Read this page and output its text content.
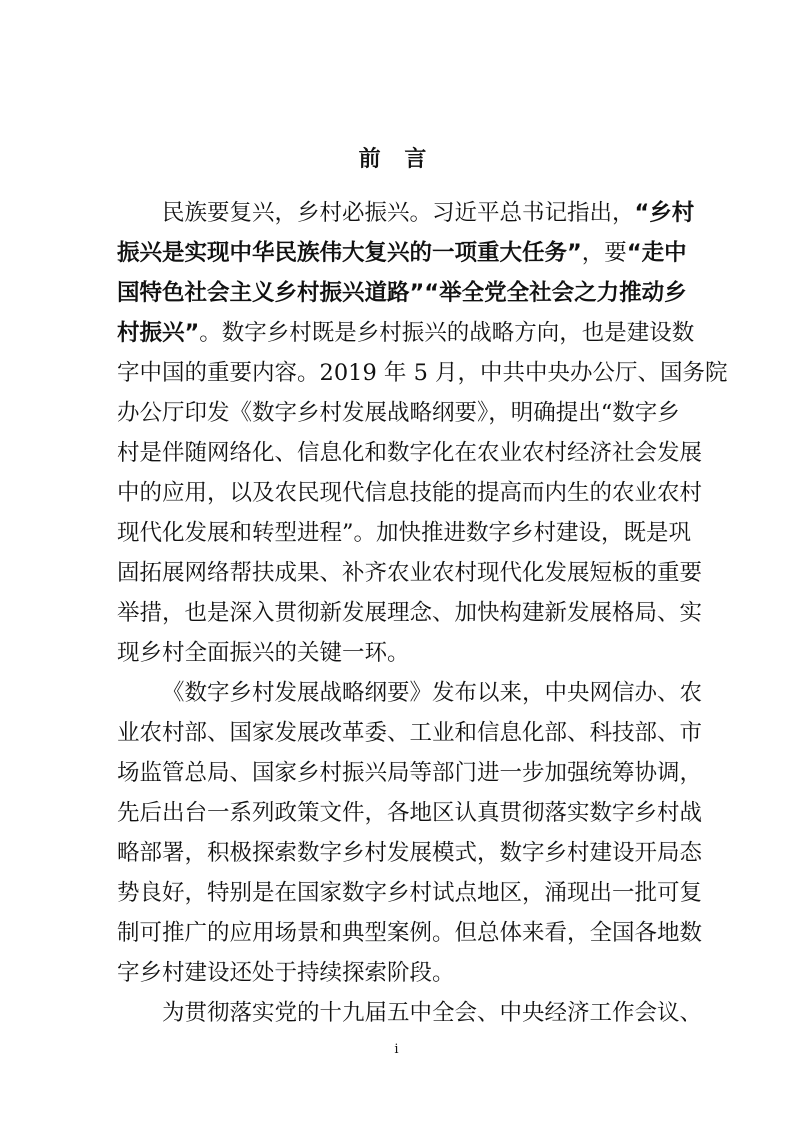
前 言
民族要复兴，乡村必振兴。习近平总书记指出，“乡村
振兴是实现中华民族伟大复兴的一项重大任务”，要“走中
国特色社会主义乡村振兴道路”“举全党全社会之力推动乡
村振兴”。数字乡村既是乡村振兴的战略方向，也是建设数
字中国的重要内容。2019 年 5 月，中共中央办公厅、国务院
办公厅印发《数字乡村发展战略纲要》，明确提出“数字乡
村是伴随网络化、信息化和数字化在农业农村经济社会发展
中的应用，以及农民现代信息技能的提高而内生的农业农村
现代化发展和转型进程”。加快推进数字乡村建设，既是巩
固拓展网络帮扶成果、补齐农业农村现代化发展短板的重要
举措，也是深入贯彻新发展理念、加快构建新发展格局、实
现乡村全面振兴的关键一环。
《数字乡村发展战略纲要》发布以来，中央网信办、农
业农村部、国家发展改革委、工业和信息化部、科技部、市
场监管总局、国家乡村振兴局等部门进一步加强统筹协调，
先后出台一系列政策文件，各地区认真贯彻落实数字乡村战
略部署，积极探索数字乡村发展模式，数字乡村建设开局态
势良好，特别是在国家数字乡村试点地区，涌现出一批可复
制可推广的应用场景和典型案例。但总体来看，全国各地数
字乡村建设还处于持续探索阶段。
为贯彻落实党的十九届五中全会、中央经济工作会议、
i
